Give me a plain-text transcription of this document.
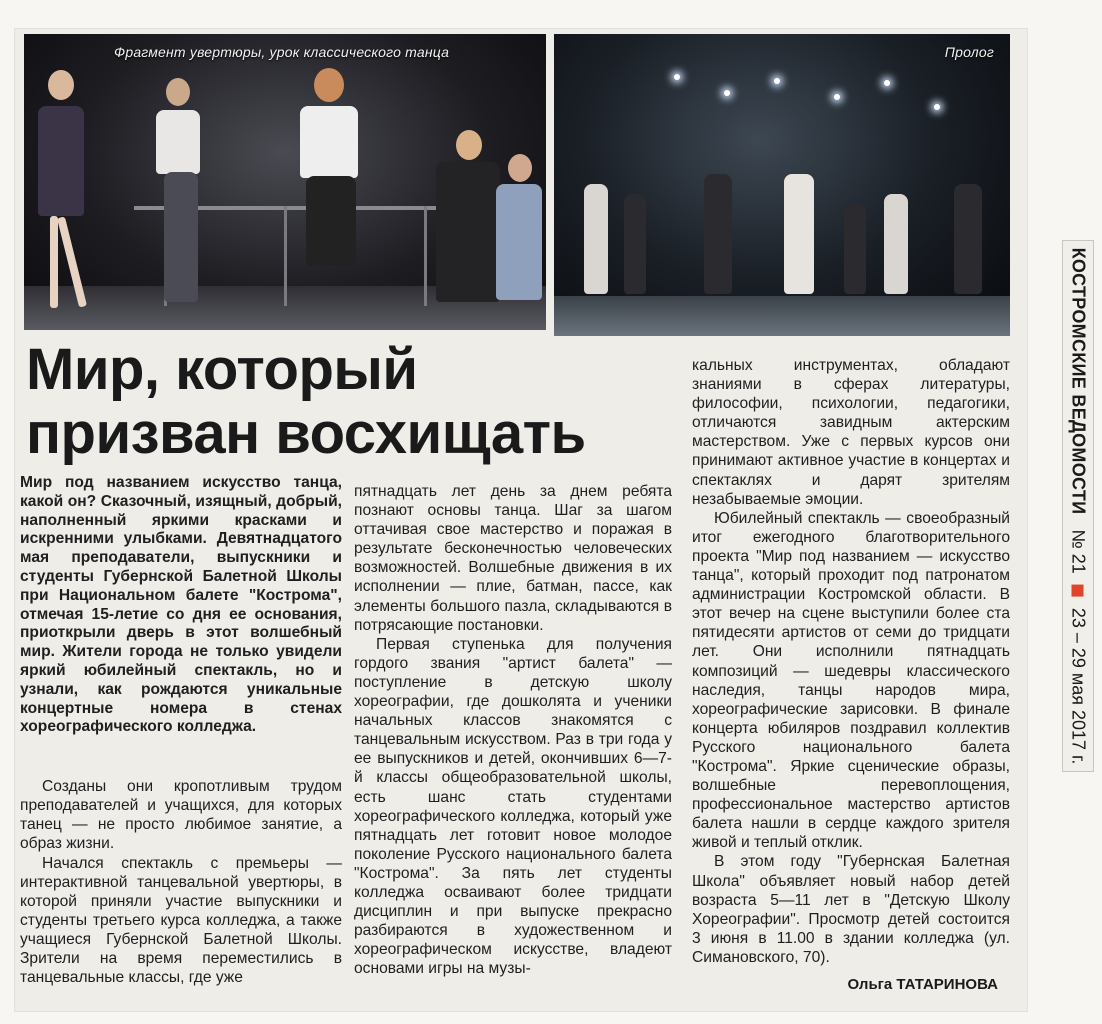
Фрагмент увертюры, урок классического танца	Пролог
Мир, который
призван восхищать

Мир под названием искусство танца, какой он? Сказочный, изящный, добрый, наполненный яркими красками и искренними улыбками. Девятнадцатого мая преподаватели, выпускники и студенты Губернской Балетной Школы при Национальном балете "Кострома", отмечая 15-летие со дня ее основания, приоткрыли дверь в этот волшебный мир. Жители города не только увидели яркий юбилейный спектакль, но и узнали, как рождаются уникальные концертные номера в стенах хореографического колледжа.

Созданы они кропотливым трудом преподавателей и учащихся, для которых танец — не просто любимое занятие, а образ жизни.

Начался спектакль с премьеры — интерактивной танцевальной увертюры, в которой приняли участие выпускники и студенты третьего курса колледжа, а также учащиеся Губернской Балетной Школы. Зрители на время переместились в танцевальные классы, где уже

пятнадцать лет день за днем ребята познают основы танца. Шаг за шагом оттачивая свое мастерство и поражая в результате бесконечностью человеческих возможностей. Волшебные движения в их исполнении — плие, батман, пассе, как элементы большого пазла, складываются в потрясающие постановки.

Первая ступенька для получения гордого звания "артист балета" — поступление в детскую школу хореографии, где дошколята и ученики начальных классов знакомятся с танцевальным искусством. Раз в три года у ее выпускников и детей, окончивших 6—7-й классы общеобразовательной школы, есть шанс стать студентами хореографического колледжа, который уже пятнадцать лет готовит новое молодое поколение Русского национального балета "Кострома". За пять лет студенты колледжа осваивают более тридцати дисциплин и при выпуске прекрасно разбираются в художественном и хореографическом искусстве, владеют основами игры на музы-

кальных инструментах, обладают знаниями в сферах литературы, философии, психологии, педагогики, отличаются завидным актерским мастерством. Уже с первых курсов они принимают активное участие в концертах и спектаклях и дарят зрителям незабываемые эмоции.

Юбилейный спектакль — своеобразный итог ежегодного благотворительного проекта "Мир под названием — искусство танца", который проходит под патронатом администрации Костромской области. В этот вечер на сцене выступили более ста пятидесяти артистов от семи до тридцати лет. Они исполнили пятнадцать композиций — шедевры классического наследия, танцы народов мира, хореографические зарисовки. В финале концерта юбиляров поздравил коллектив Русского национального балета "Кострома". Яркие сценические образы, волшебные перевоплощения, профессиональное мастерство артистов балета нашли в сердце каждого зрителя живой и теплый отклик.

В этом году "Губернская Балетная Школа" объявляет новый набор детей возраста 5—11 лет в "Детскую Школу Хореографии". Просмотр детей состоится 3 июня в 11.00 в здании колледжа (ул. Симановского, 70).

Ольга ТАТАРИНОВА
КОСТРОМСКИЕ ВЕДОМОСТИ   № 21  23 – 29 мая 2017 г.
